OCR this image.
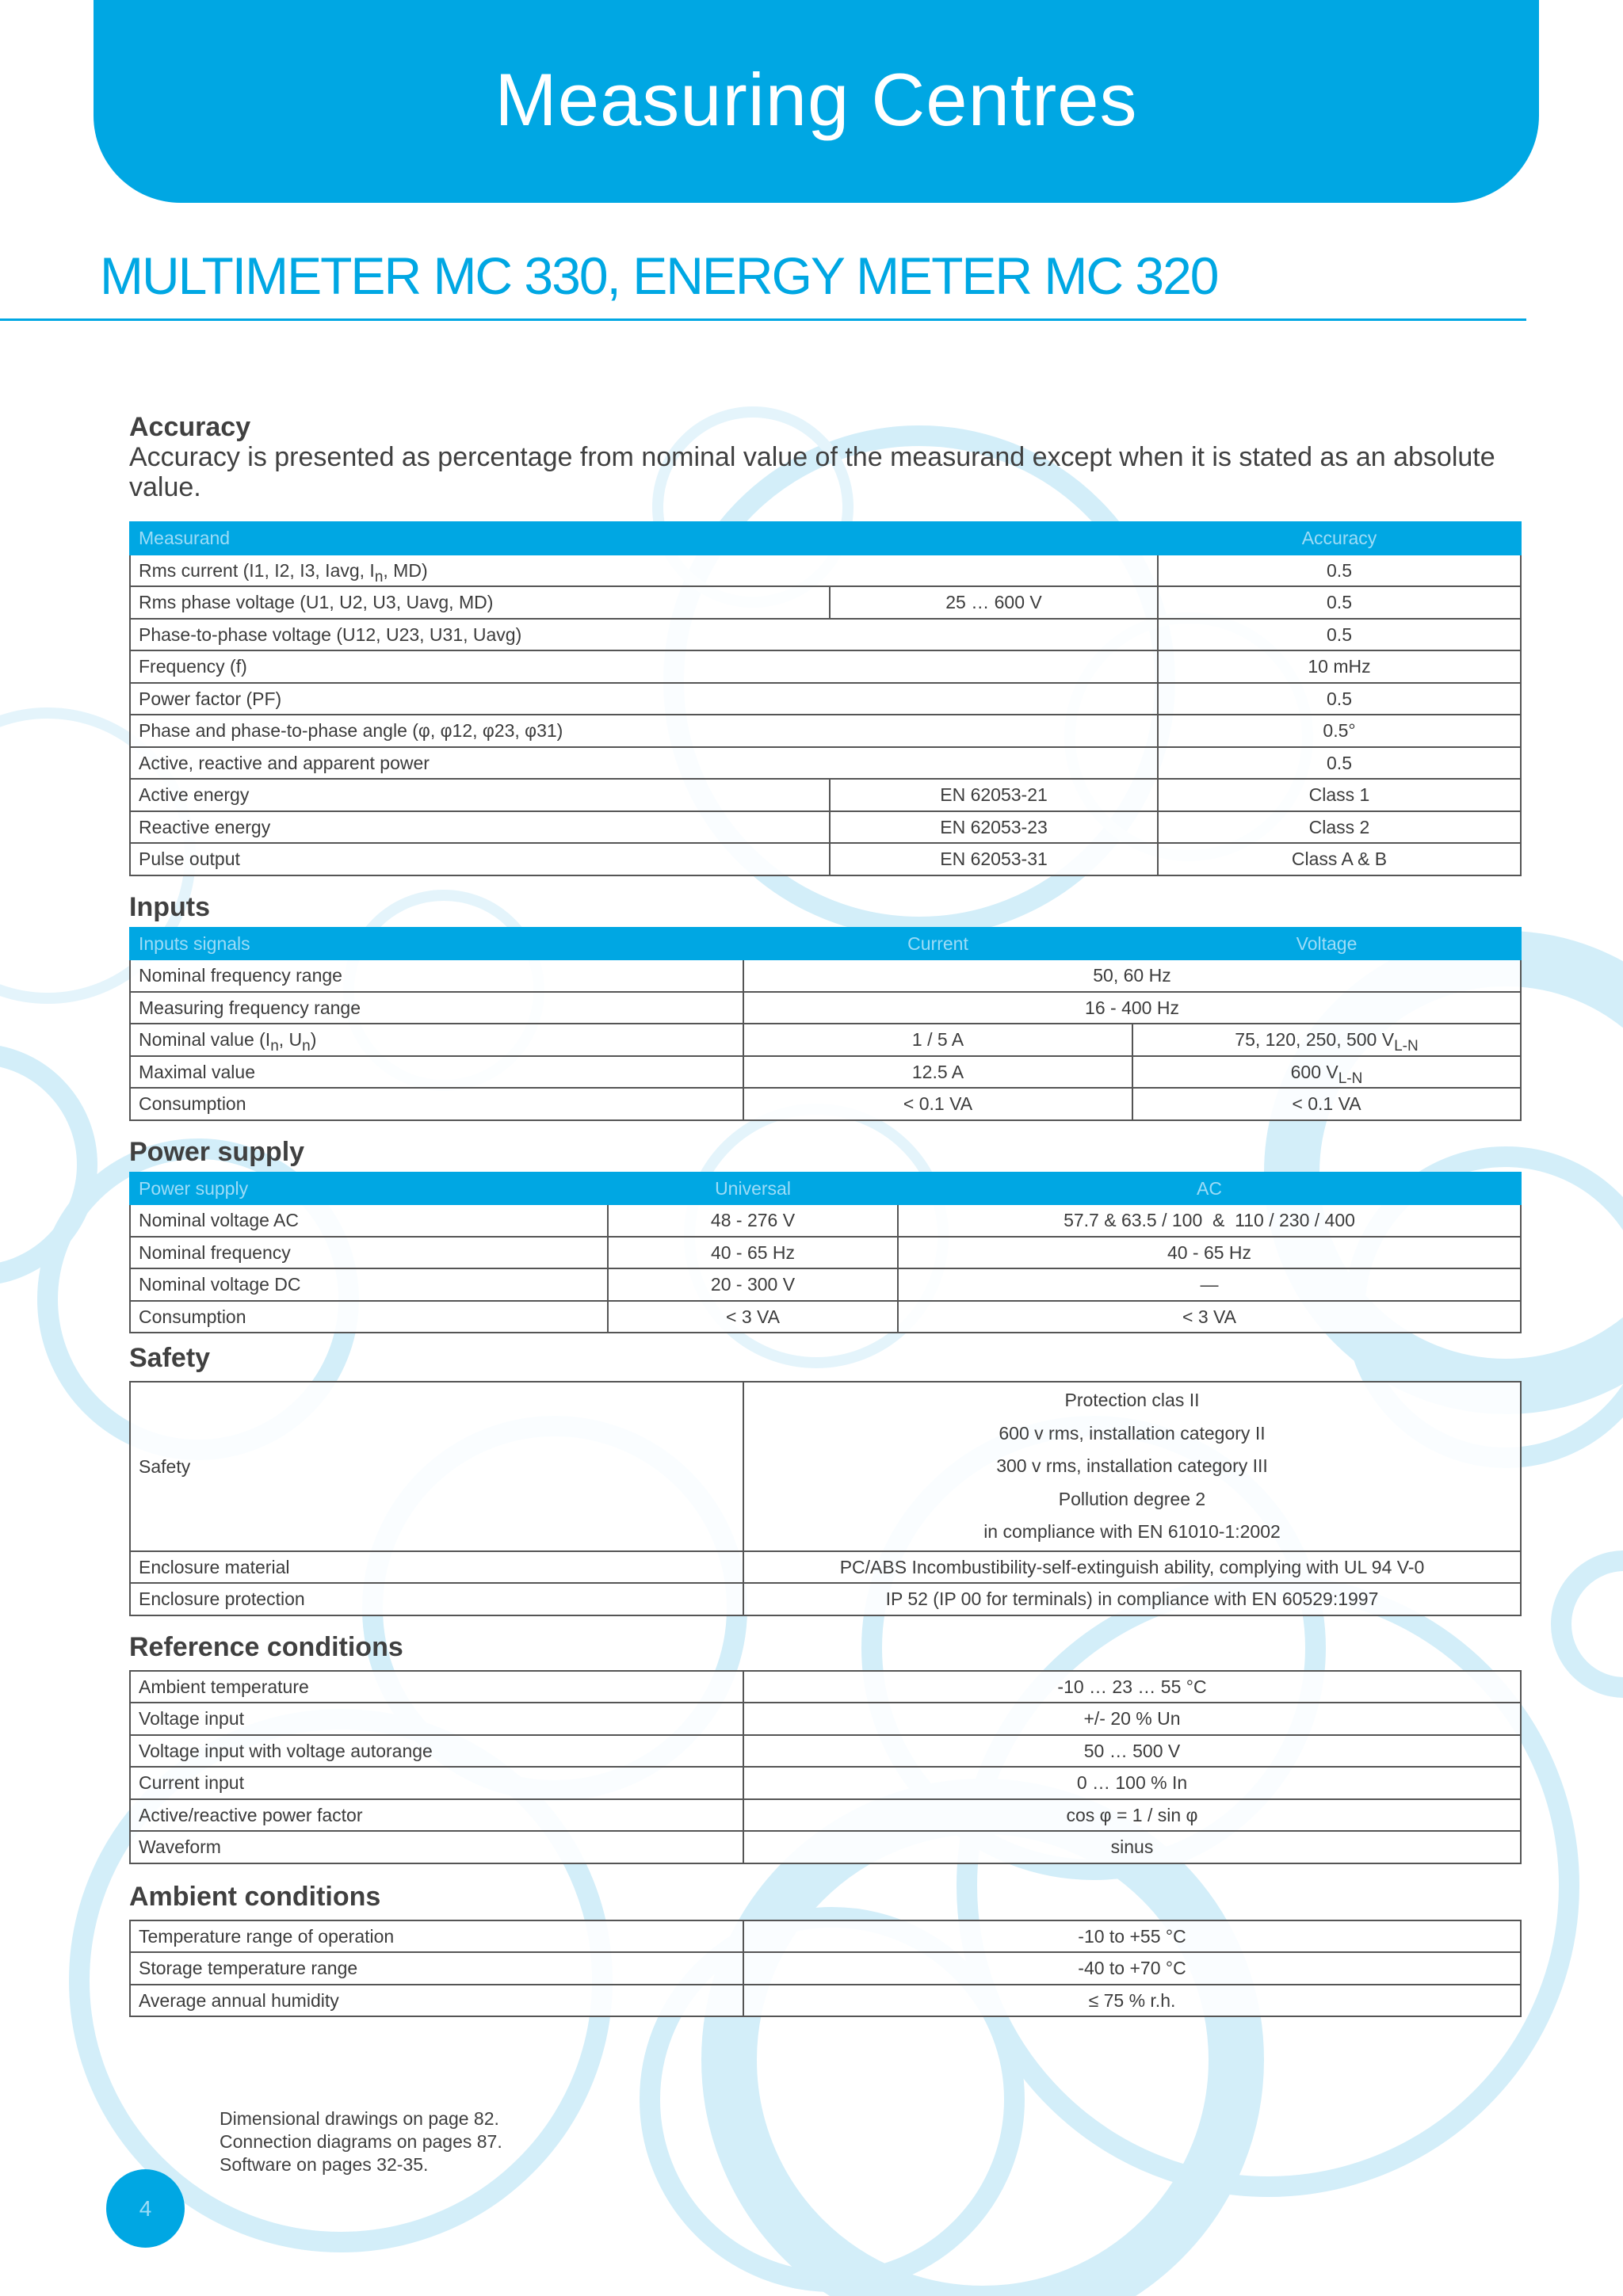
Measuring Centres
MULTIMETER MC 330, ENERGY METER MC 320
Accuracy

Accuracy is presented as percentage from nominal value of the measurand except when it is stated as an absolute value.

Measurand		Accuracy
Rms current (I1, I2, I3, Iavg, $I_n$, MD)		0.5
Rms phase voltage (U1, U2, U3, Uavg, MD)	25 … 600 V	0.5
Phase-to-phase voltage (U12, U23, U31, Uavg)		0.5
Frequency (f)		10 mHz
Power factor (PF)		0.5
Phase and phase-to-phase angle (φ, φ12, φ23, φ31)		0.5°
Active, reactive and apparent power		0.5
Active energy	EN 62053-21	Class 1
Reactive energy	EN 62053-23	Class 2
Pulse output	EN 62053-31	Class A & B
Inputs
Inputs signals	Current	Voltage
Nominal frequency range	50, 60 Hz	
Measuring frequency range	16 - 400 Hz	
Nominal value ($I_n$, $U_n$)	1 / 5 A	75, 120, 250, 500 $V_{L-N}$
Maximal value	12.5 A	600 $V_{L-N}$
Consumption	< 0.1 VA	< 0.1 VA
Power supply
Power supply	Universal	AC
Nominal voltage AC	48 - 276 V	57.7 & 63.5 / 100  &  110 / 230 / 400
Nominal frequency	40 - 65 Hz	40 - 65 Hz
Nominal voltage DC	20 - 300 V	—
Consumption	< 3 VA	< 3 VA
Safety
Safety	Protection clas II
600 v rms, installation category II
300 v rms, installation category III
Pollution degree 2
in compliance with EN 61010-1:2002

Enclosure material	PC/ABS Incombustibility-self-extinguish ability, complying with UL 94 V-0
Enclosure protection	IP 52 (IP 00 for terminals) in compliance with EN 60529:1997
Reference conditions
Ambient temperature	-10 … 23 … 55 °C
Voltage input	+/- 20 % Un
Voltage input with voltage autorange	50 … 500 V
Current input	0 … 100 % In
Active/reactive power factor	cos φ = 1 / sin φ
Waveform	sinus
Ambient conditions
Temperature range of operation	-10 to +55 °C
Storage temperature range	-40 to +70 °C
Average annual humidity	≤ 75 % r.h.
Dimensional drawings on page 82.
Connection diagrams on pages 87.
Software on pages 32-35.
4
